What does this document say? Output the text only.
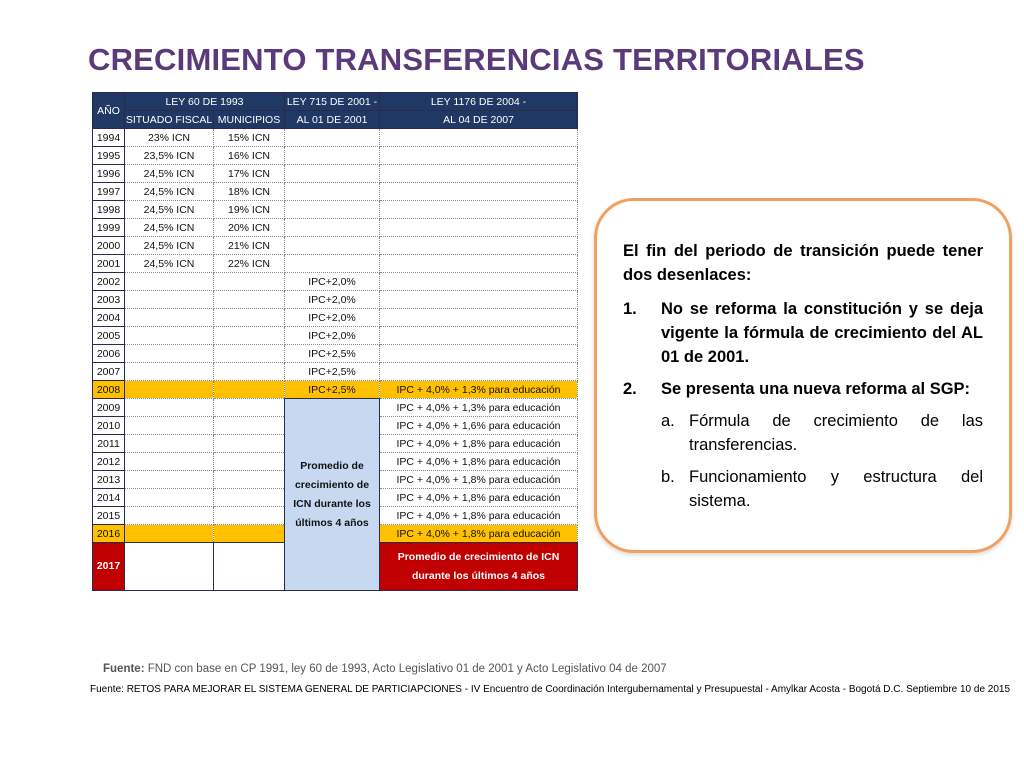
CRECIMIENTO TRANSFERENCIAS TERRITORIALES
AÑO	LEY 60 DE 1993		LEY 715 DE 2001 -	LEY 1176 DE 2004 -
	SITUADO FISCAL	MUNICIPIOS	AL 01 DE 2001	AL 04 DE 2007
1994	23% ICN	15% ICN		
1995	23,5% ICN	16% ICN		
1996	24,5% ICN	17% ICN		
1997	24,5% ICN	18% ICN		
1998	24,5% ICN	19% ICN		
1999	24,5% ICN	20% ICN		
2000	24,5% ICN	21% ICN		
2001	24,5% ICN	22% ICN		
2002			IPC+2,0%	
2003			IPC+2,0%	
2004			IPC+2,0%	
2005			IPC+2,0%	
2006			IPC+2,5%	
2007			IPC+2,5%	
2008			IPC+2,5%	IPC + 4,0% + 1,3% para educación
2009			Promedio de crecimiento de ICN durante los últimos 4 años	IPC + 4,0% + 1,3% para educación
2010				IPC + 4,0% + 1,6% para educación
2011				IPC + 4,0% + 1,8% para educación
2012				IPC + 4,0% + 1,8% para educación
2013				IPC + 4,0% + 1,8% para educación
2014				IPC + 4,0% + 1,8% para educación
2015				IPC + 4,0% + 1,8% para educación
2016				IPC + 4,0% + 1,8% para educación
2017				Promedio de crecimiento de ICN durante los últimos 4 años

El fin del periodo de transición puede tener dos desenlaces:

1.	No se reforma la constitución y se deja vigente la fórmula de crecimiento del AL 01 de 2001.
2.	Se presenta una nueva reforma al SGP:
a. Fórmula de crecimiento de las transferencias.
b. Funcionamiento y estructura del sistema.
Fuente: FND con base en CP 1991, ley 60 de 1993, Acto Legislativo 01 de 2001 y Acto Legislativo 04 de 2007
Fuente: RETOS PARA MEJORAR EL SISTEMA GENERAL DE PARTICIAPCIONES - IV Encuentro de Coordinación Intergubernamental y Presupuestal - Amylkar Acosta - Bogotá D.C. Septiembre 10 de 2015
